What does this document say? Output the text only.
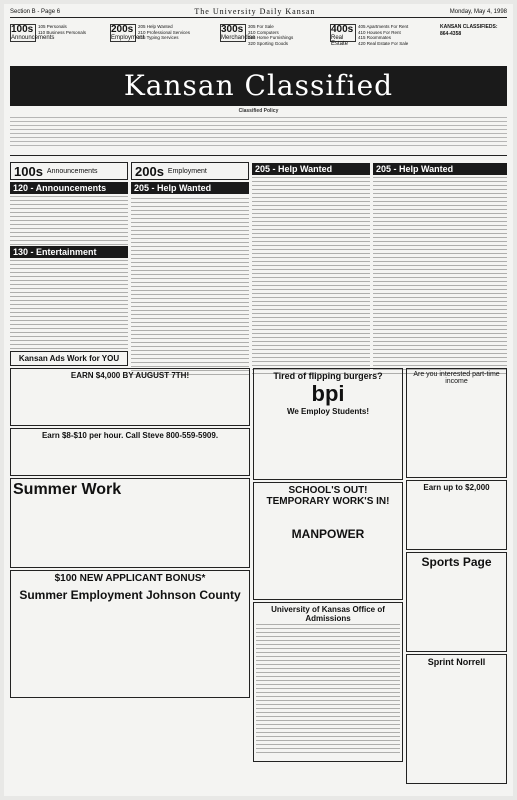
Section B - Page 6	The University Daily Kansan	Monday, May 4, 1998
100s
Announcements
105 Personals
110 Business Personals	200s
Employment
205 Help Wanted
210 Professional Services
215 Typing Services
300s
Merchandise
305 For Sale
310 Computers
315 Home Furnishings
320 Sporting Goods
400s
Real Estate
405 Apartments For Rent
410 Houses For Rent
415 Roommates
420 Real Estate For Sale
KANSAN CLASSIFIEDS:
864-4358
Kansan Classified
Classified Policy
100s Announcements
120 - Announcements
130 - Entertainment
Kansan Ads Work for YOU
200s Employment
205 - Help Wanted
205 - Help Wanted	205 - Help Wanted
EARN $4,000 BY AUGUST 7TH!
Earn $8-$10 per hour. Call Steve 800-559-5909.
Summer Work
$100 NEW APPLICANT BONUS*
Summer Employment Johnson County
Tired of flipping burgers?
bpi
We Employ Students!
SCHOOL'S OUT! TEMPORARY WORK'S IN!
MANPOWER
University of Kansas Office of Admissions
Are you interested part-time income
Earn up to $2,000
Sports Page
Sprint Norrell
